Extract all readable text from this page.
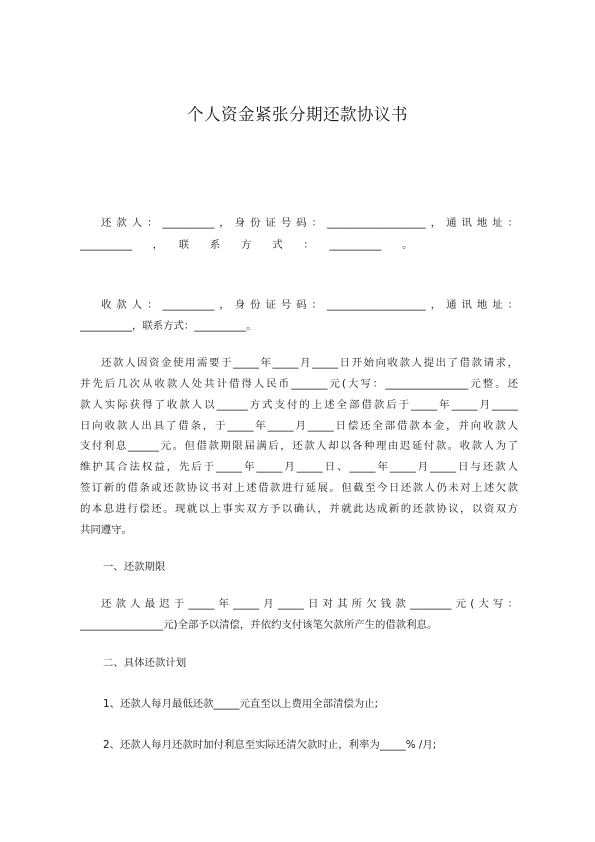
个人资金紧张分期还款协议书
还款人：__________，身份证号码：___________________，通讯地址：
__________　　，　　联　　系　　方　　式　　：　　__________　　。
收款人：__________，身份证号码：___________________，通讯地址：
__________，联系方式：__________。
还款人因资金使用需要于_____年_____月_____日开始向收款人提出了借款请求，
并先后几次从收款人处共计借得人民币_______元(大写：________________元整。还
款人实际获得了收款人以______方式支付的上述全部借款后于_____年_____月_____
日向收款人出具了借条，于_____年_____月_____日偿还全部借款本金，并向收款人
支付利息______元。但借款期限届满后，还款人却以各种理由迟延付款。收款人为了
维护其合法权益，先后于_____年_____月_____日、_____年_____月_____日与还款人
签订新的借条或还款协议书对上述借款进行延展。但截至今日还款人仍未对上述欠款
的本息进行偿还。现就以上事实双方予以确认，并就此达成新的还款协议，以资双方
共同遵守。
一、还款期限
还款人最迟于_____年_____月_____日对其所欠钱款________元(大写：
________________元)全部予以清偿，并依约支付该笔欠款所产生的借款利息。
二、具体还款计划
1、还款人每月最低还款_____元直至以上费用全部清偿为止;
2、还款人每月还款时加付利息至实际还清欠款时止，利率为_____% /月;
